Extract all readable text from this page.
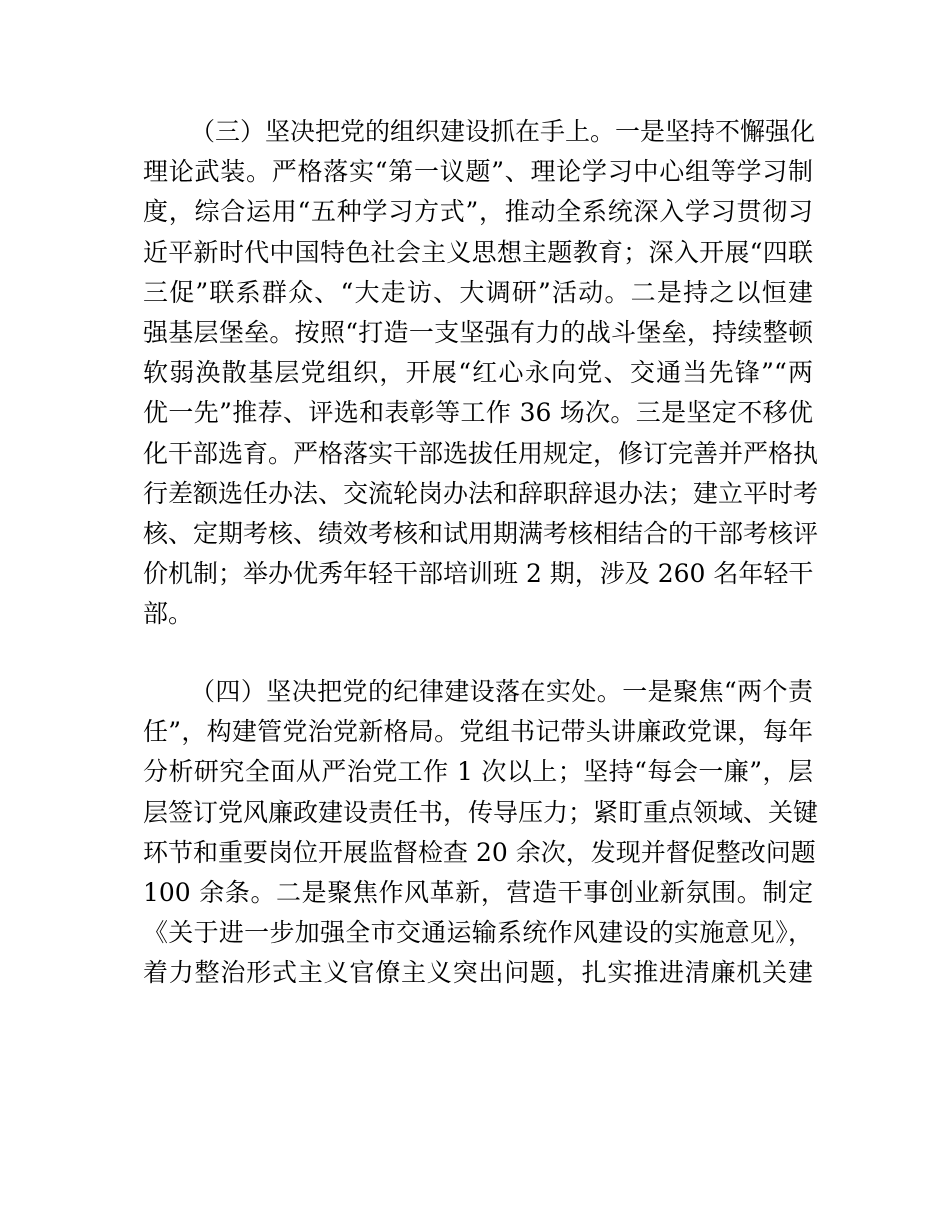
（三）坚决把党的组织建设抓在手上。一是坚持不懈强化
理论武装。严格落实“第一议题”、理论学习中心组等学习制
度，综合运用“五种学习方式”，推动全系统深入学习贯彻习
近平新时代中国特色社会主义思想主题教育；深入开展“四联
三促”联系群众、“大走访、大调研”活动。二是持之以恒建
强基层堡垒。按照“打造一支坚强有力的战斗堡垒，持续整顿
软弱涣散基层党组织，开展“红心永向党、交通当先锋”“两
优一先”推荐、评选和表彰等工作 36 场次。三是坚定不移优
化干部选育。严格落实干部选拔任用规定，修订完善并严格执
行差额选任办法、交流轮岗办法和辞职辞退办法；建立平时考
核、定期考核、绩效考核和试用期满考核相结合的干部考核评
价机制；举办优秀年轻干部培训班 2 期，涉及 260 名年轻干
部。
（四）坚决把党的纪律建设落在实处。一是聚焦“两个责
任”，构建管党治党新格局。党组书记带头讲廉政党课，每年
分析研究全面从严治党工作 1 次以上；坚持“每会一廉”，层
层签订党风廉政建设责任书，传导压力；紧盯重点领域、关键
环节和重要岗位开展监督检查 20 余次，发现并督促整改问题
100 余条。二是聚焦作风革新，营造干事创业新氛围。制定
《关于进一步加强全市交通运输系统作风建设的实施意见》，
着力整治形式主义官僚主义突出问题，扎实推进清廉机关建
